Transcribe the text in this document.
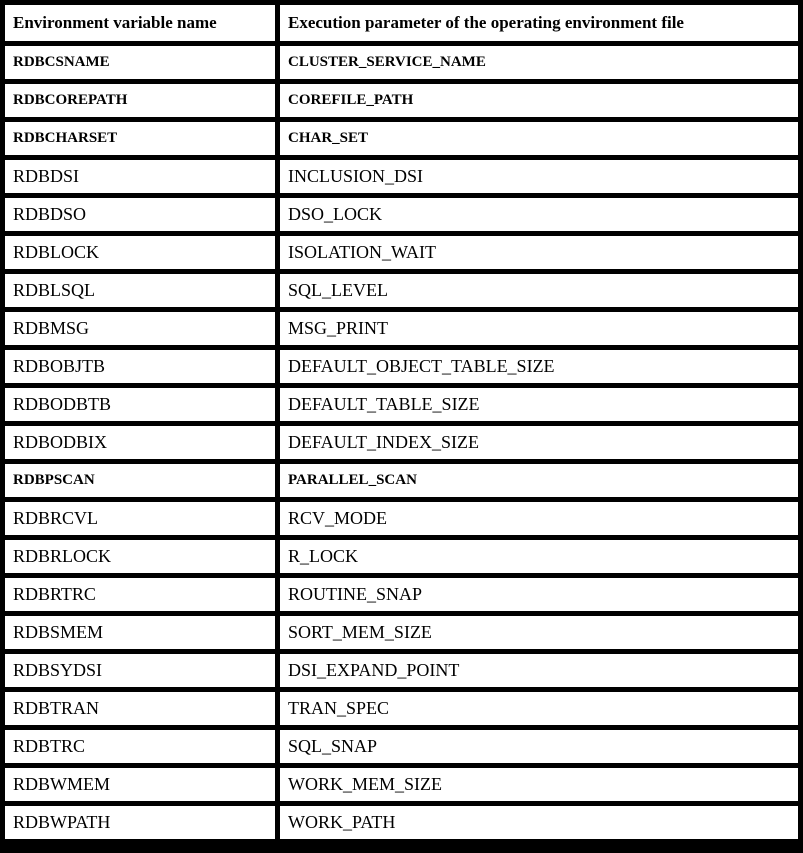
Environment variable name	Execution parameter of the operating environment file
RDBCSNAME	CLUSTER_SERVICE_NAME
RDBCOREPATH	COREFILE_PATH
RDBCHARSET	CHAR_SET
RDBDSI	INCLUSION_DSI
RDBDSO	DSO_LOCK
RDBLOCK	ISOLATION_WAIT
RDBLSQL	SQL_LEVEL
RDBMSG	MSG_PRINT
RDBOBJTB	DEFAULT_OBJECT_TABLE_SIZE
RDBODBTB	DEFAULT_TABLE_SIZE
RDBODBIX	DEFAULT_INDEX_SIZE
RDBPSCAN	PARALLEL_SCAN
RDBRCVL	RCV_MODE
RDBRLOCK	R_LOCK
RDBRTRC	ROUTINE_SNAP
RDBSMEM	SORT_MEM_SIZE
RDBSYDSI	DSI_EXPAND_POINT
RDBTRAN	TRAN_SPEC
RDBTRC	SQL_SNAP
RDBWMEM	WORK_MEM_SIZE
RDBWPATH	WORK_PATH
